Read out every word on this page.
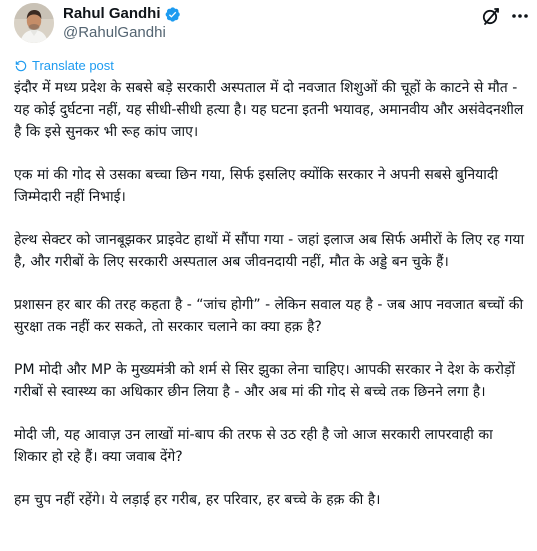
Rahul Gandhi
@RahulGandhi
Translate post

इंदौर में मध्य प्रदेश के सबसे बड़े सरकारी अस्पताल में दो नवजात शिशुओं की चूहों के काटने से मौत - यह कोई दुर्घटना नहीं, यह सीधी-सीधी हत्या है। यह घटना इतनी भयावह, अमानवीय और असंवेदनशील है कि इसे सुनकर भी रूह कांप जाए।

एक मां की गोद से उसका बच्चा छिन गया, सिर्फ इसलिए क्योंकि सरकार ने अपनी सबसे बुनियादी जिम्मेदारी नहीं निभाई।

हेल्थ सेक्टर को जानबूझकर प्राइवेट हाथों में सौंपा गया - जहां इलाज अब सिर्फ अमीरों के लिए रह गया है, और गरीबों के लिए सरकारी अस्पताल अब जीवनदायी नहीं, मौत के अड्डे बन चुके हैं।

प्रशासन हर बार की तरह कहता है - “जांच होगी” - लेकिन सवाल यह है - जब आप नवजात बच्चों की सुरक्षा तक नहीं कर सकते, तो सरकार चलाने का क्या हक़ है?

PM मोदी और MP के मुख्यमंत्री को शर्म से सिर झुका लेना चाहिए। आपकी सरकार ने देश के करोड़ों गरीबों से स्वास्थ्य का अधिकार छीन लिया है - और अब मां की गोद से बच्चे तक छिनने लगा है।

मोदी जी, यह आवाज़ उन लाखों मां-बाप की तरफ से उठ रही है जो आज सरकारी लापरवाही का शिकार हो रहे हैं। क्या जवाब देंगे?

हम चुप नहीं रहेंगे। ये लड़ाई हर गरीब, हर परिवार, हर बच्चे के हक़ की है।
